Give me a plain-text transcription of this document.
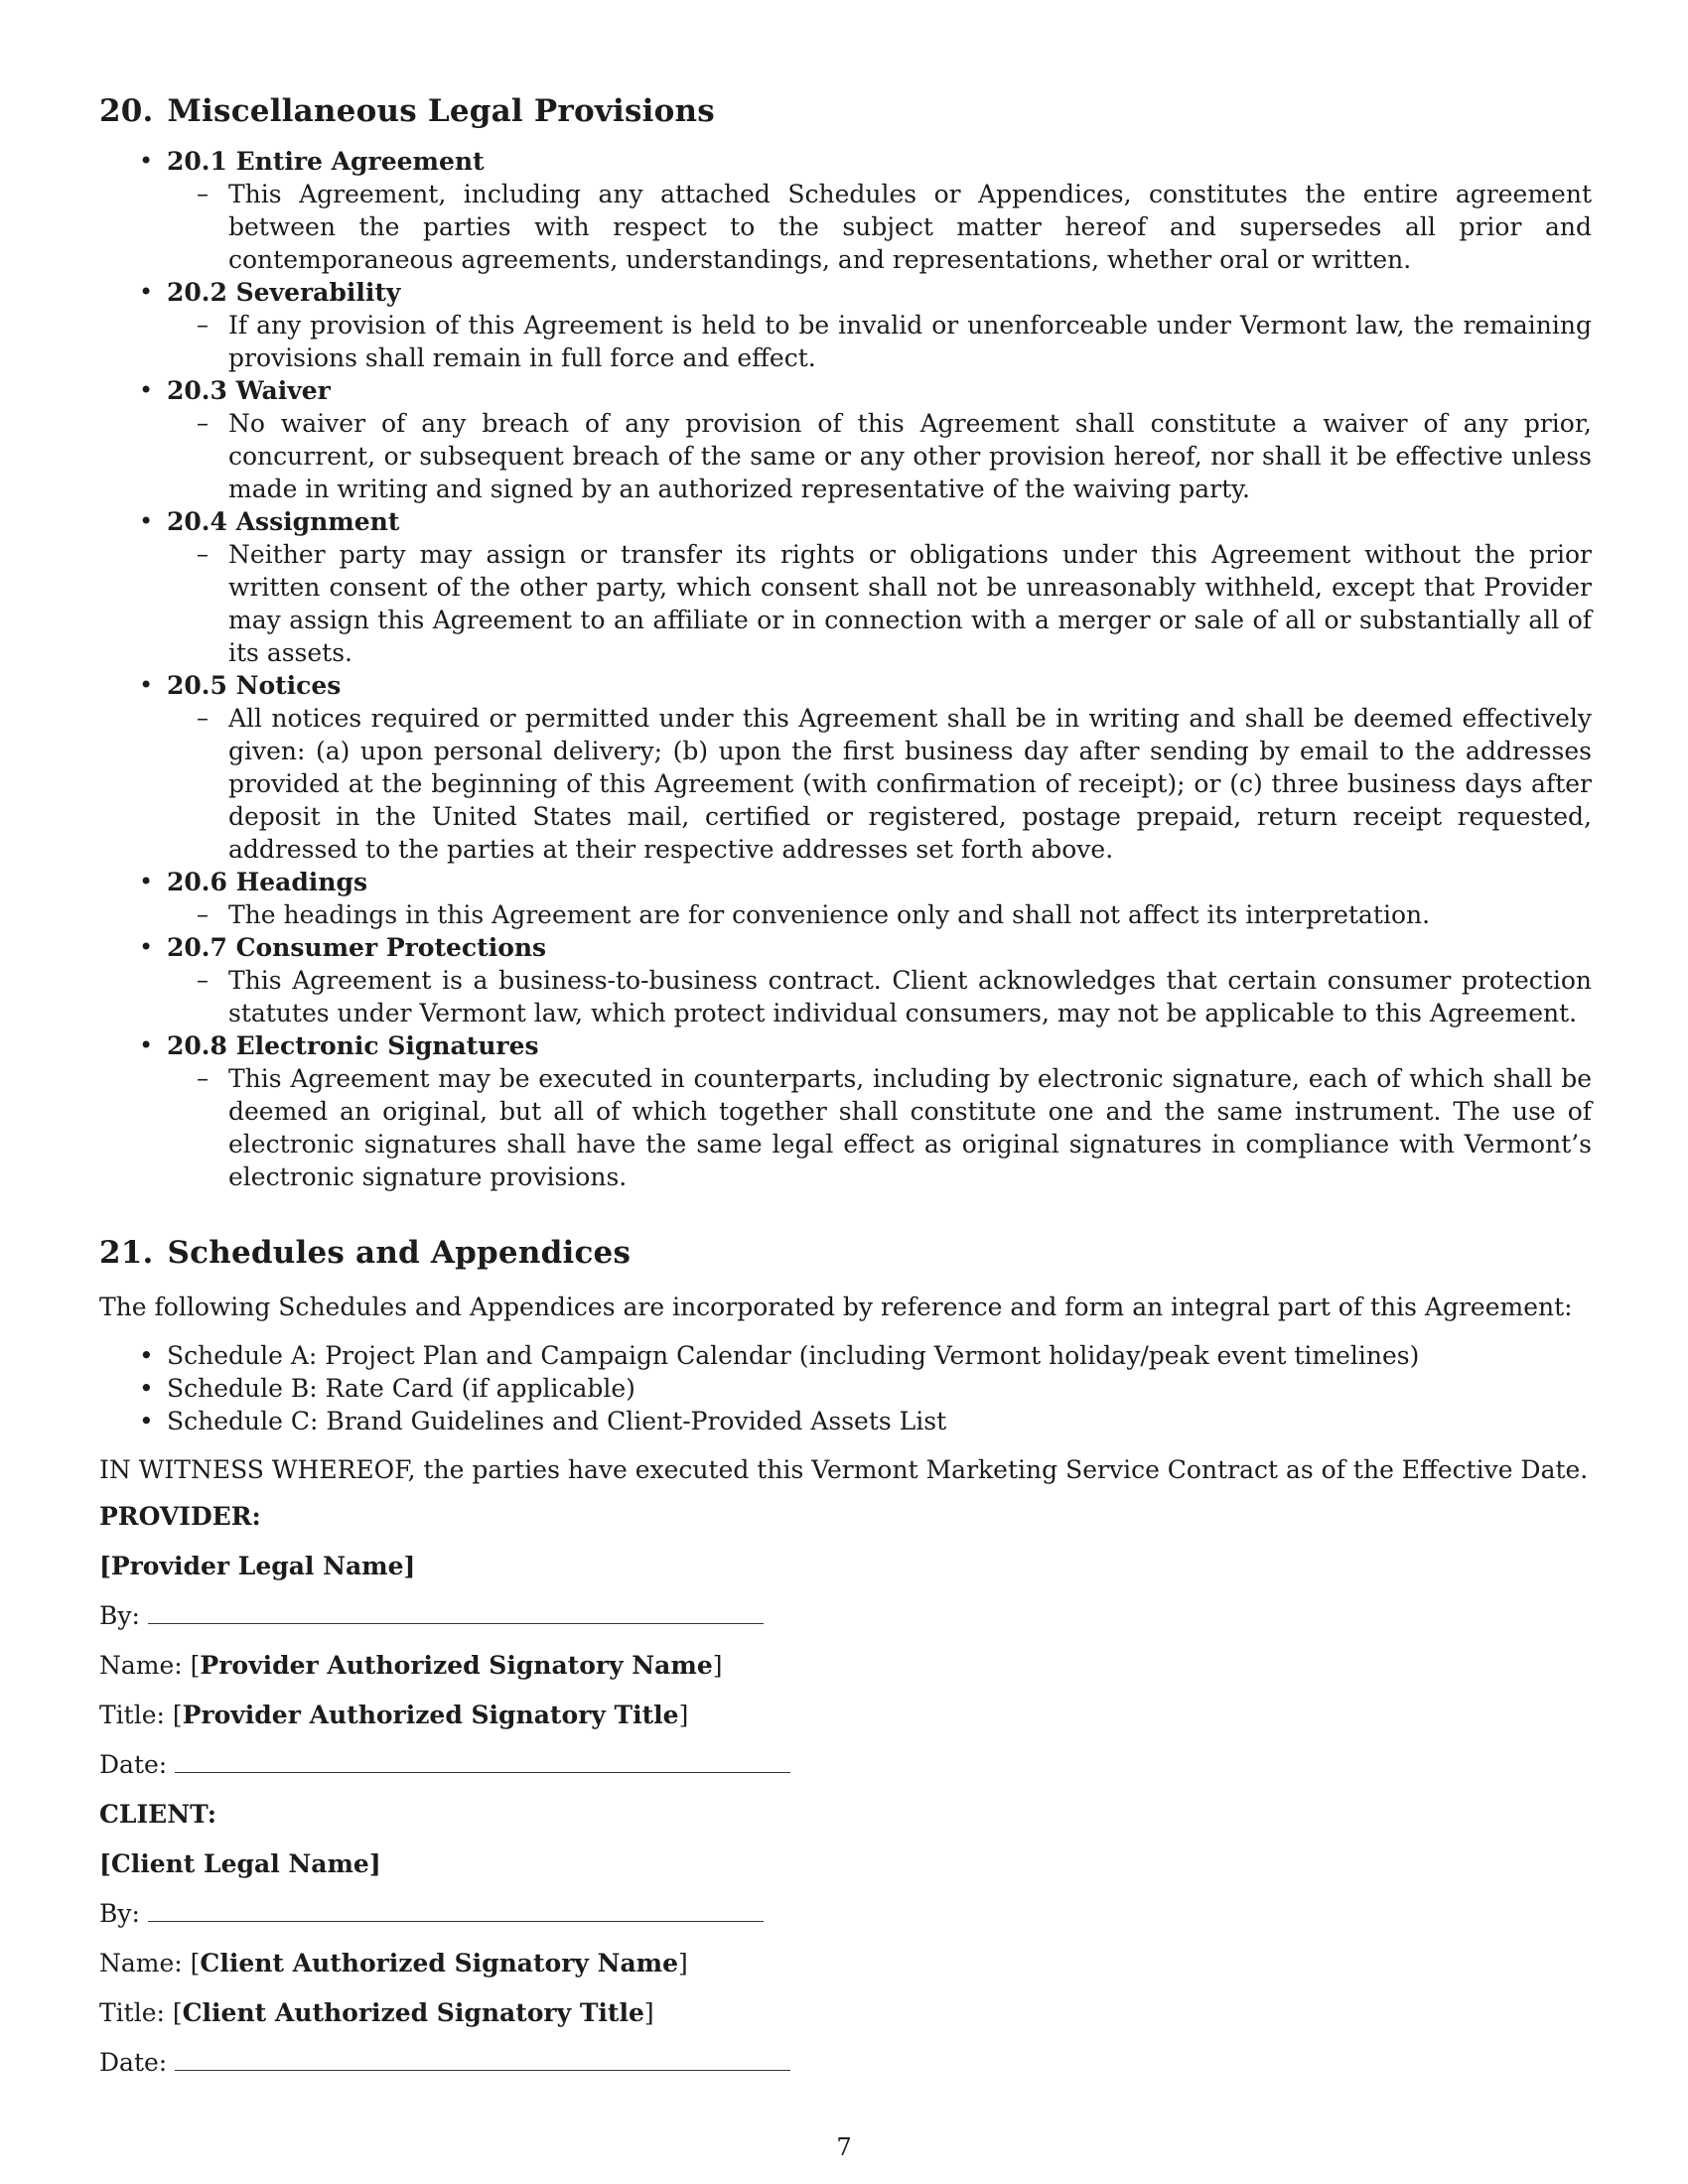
20. Miscellaneous Legal Provisions
• 20.1 Entire Agreement
– This Agreement, including any attached Schedules or Appendices, constitutes the entire agreement between the parties with respect to the subject matter hereof and supersedes all prior and contemporaneous agreements, understandings, and representations, whether oral or written.
• 20.2 Severability
– If any provision of this Agreement is held to be invalid or unenforceable under Vermont law, the remaining provisions shall remain in full force and effect.
• 20.3 Waiver
– No waiver of any breach of any provision of this Agreement shall constitute a waiver of any prior, concurrent, or subsequent breach of the same or any other provision hereof, nor shall it be effective unless made in writing and signed by an authorized representative of the waiving party.
• 20.4 Assignment
– Neither party may assign or transfer its rights or obligations under this Agreement without the prior written consent of the other party, which consent shall not be unreasonably withheld, except that Provider may assign this Agreement to an affiliate or in connection with a merger or sale of all or substantially all of its assets.
• 20.5 Notices
– All notices required or permitted under this Agreement shall be in writing and shall be deemed effectively given: (a) upon personal delivery; (b) upon the first business day after sending by email to the addresses provided at the beginning of this Agreement (with confirmation of receipt); or (c) three business days after deposit in the United States mail, certified or registered, postage prepaid, return receipt requested, addressed to the parties at their respective addresses set forth above.
• 20.6 Headings
– The headings in this Agreement are for convenience only and shall not affect its interpretation.
• 20.7 Consumer Protections
– This Agreement is a business-to-business contract. Client acknowledges that certain consumer protection statutes under Vermont law, which protect individual consumers, may not be applicable to this Agreement.
• 20.8 Electronic Signatures
– This Agreement may be executed in counterparts, including by electronic signature, each of which shall be deemed an original, but all of which together shall constitute one and the same instrument. The use of electronic signatures shall have the same legal effect as original signatures in compliance with Vermont’s electronic signature provisions.
21. Schedules and Appendices

The following Schedules and Appendices are incorporated by reference and form an integral part of this Agreement:

• Schedule A: Project Plan and Campaign Calendar (including Vermont holiday/peak event timelines)
• Schedule B: Rate Card (if applicable)
• Schedule C: Brand Guidelines and Client-Provided Assets List

IN WITNESS WHEREOF, the parties have executed this Vermont Marketing Service Contract as of the Effective Date.

PROVIDER:
[Provider Legal Name]
By:
Name: [Provider Authorized Signatory Name]
Title: [Provider Authorized Signatory Title]
Date:
CLIENT:
[Client Legal Name]
By:
Name: [Client Authorized Signatory Name]
Title: [Client Authorized Signatory Title]
Date:
7
